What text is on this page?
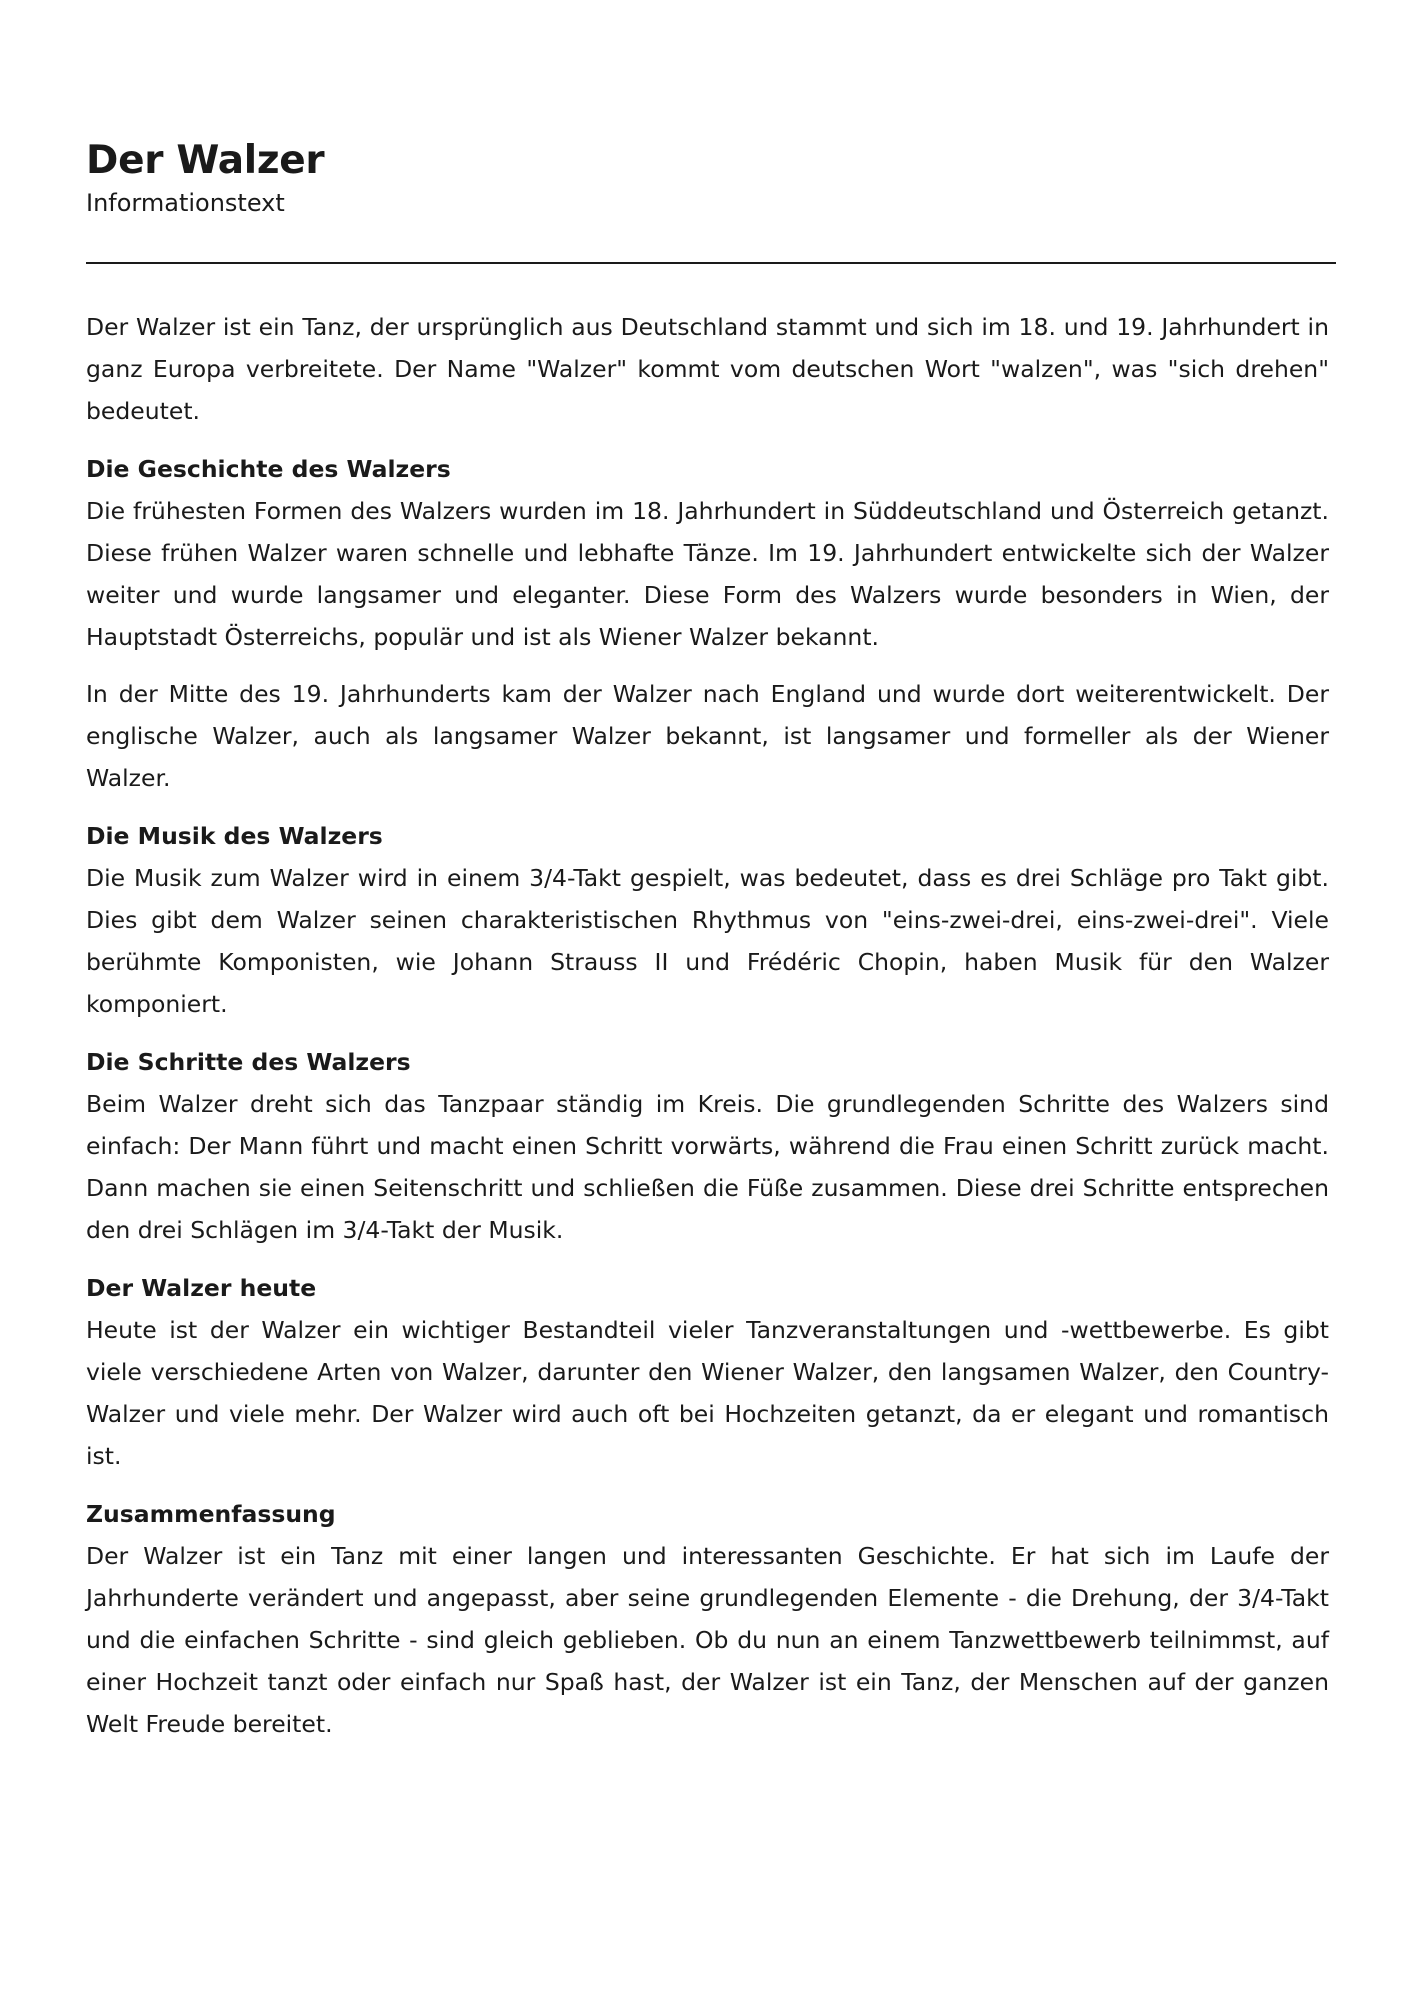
Der Walzer

Informationstext

Der Walzer ist ein Tanz, der ursprünglich aus Deutschland stammt und sich im 18. und 19. Jahrhundert in ganz Europa verbreitete. Der Name "Walzer" kommt vom deutschen Wort "walzen", was "sich drehen" bedeutet.

Die Geschichte des Walzers

Die frühesten Formen des Walzers wurden im 18. Jahrhundert in Süddeutschland und Österreich getanzt. Diese frühen Walzer waren schnelle und lebhafte Tänze. Im 19. Jahrhundert entwickelte sich der Walzer weiter und wurde langsamer und eleganter. Diese Form des Walzers wurde besonders in Wien, der Hauptstadt Österreichs, populär und ist als Wiener Walzer bekannt.

In der Mitte des 19. Jahrhunderts kam der Walzer nach England und wurde dort weiterentwickelt. Der englische Walzer, auch als langsamer Walzer bekannt, ist langsamer und formeller als der Wiener Walzer.

Die Musik des Walzers

Die Musik zum Walzer wird in einem 3/4-Takt gespielt, was bedeutet, dass es drei Schläge pro Takt gibt. Dies gibt dem Walzer seinen charakteristischen Rhythmus von "eins-zwei-drei, eins-zwei-drei". Viele berühmte Komponisten, wie Johann Strauss II und Frédéric Chopin, haben Musik für den Walzer komponiert.

Die Schritte des Walzers

Beim Walzer dreht sich das Tanzpaar ständig im Kreis. Die grundlegenden Schritte des Walzers sind einfach: Der Mann führt und macht einen Schritt vorwärts, während die Frau einen Schritt zurück macht. Dann machen sie einen Seitenschritt und schließen die Füße zusammen. Diese drei Schritte entsprechen den drei Schlägen im 3/4-Takt der Musik.

Der Walzer heute

Heute ist der Walzer ein wichtiger Bestandteil vieler Tanzveranstaltungen und -wettbewerbe. Es gibt viele verschiedene Arten von Walzer, darunter den Wiener Walzer, den langsamen Walzer, den Country-Walzer und viele mehr. Der Walzer wird auch oft bei Hochzeiten getanzt, da er elegant und romantisch ist.

Zusammenfassung

Der Walzer ist ein Tanz mit einer langen und interessanten Geschichte. Er hat sich im Laufe der Jahrhunderte verändert und angepasst, aber seine grundlegenden Elemente - die Drehung, der 3/4-Takt und die einfachen Schritte - sind gleich geblieben. Ob du nun an einem Tanzwettbewerb teilnimmst, auf einer Hochzeit tanzt oder einfach nur Spaß hast, der Walzer ist ein Tanz, der Menschen auf der ganzen Welt Freude bereitet.
